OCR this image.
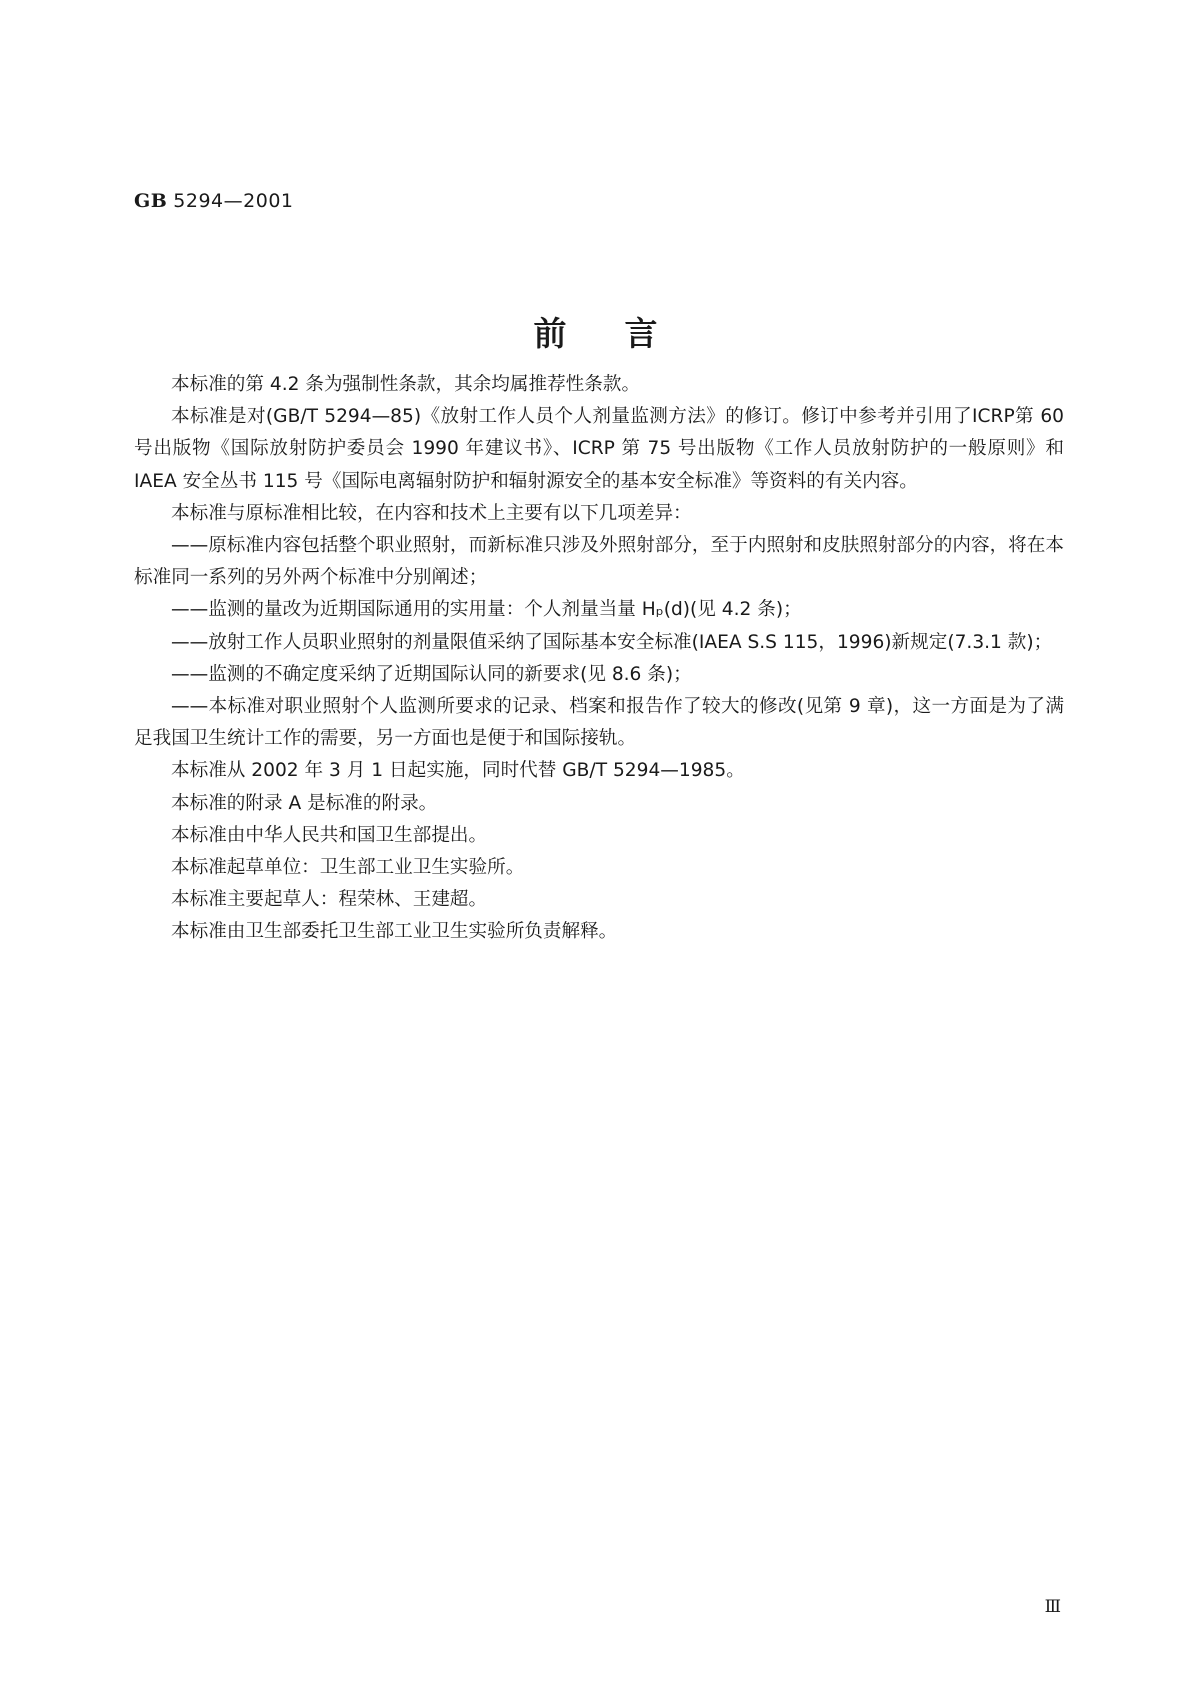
GB 5294—2001
前言

本标准的第 4.2 条为强制性条款，其余均属推荐性条款。

本标准是对(GB/T 5294—85)《放射工作人员个人剂量监测方法》的修订。修订中参考并引用了ICRP第 60 号出版物《国际放射防护委员会 1990 年建议书》、ICRP 第 75 号出版物《工作人员放射防护的一般原则》和 IAEA 安全丛书 115 号《国际电离辐射防护和辐射源安全的基本安全标准》等资料的有关内容。

本标准与原标准相比较，在内容和技术上主要有以下几项差异：

——原标准内容包括整个职业照射，而新标准只涉及外照射部分，至于内照射和皮肤照射部分的内容，将在本标准同一系列的另外两个标准中分别阐述；

——监测的量改为近期国际通用的实用量：个人剂量当量 Hₚ(d)(见 4.2 条)；

——放射工作人员职业照射的剂量限值采纳了国际基本安全标准(IAEA S.S 115，1996)新规定(7.3.1 款)；

——监测的不确定度采纳了近期国际认同的新要求(见 8.6 条)；

——本标准对职业照射个人监测所要求的记录、档案和报告作了较大的修改(见第 9 章)，这一方面是为了满足我国卫生统计工作的需要，另一方面也是便于和国际接轨。

本标准从 2002 年 3 月 1 日起实施，同时代替 GB/T 5294—1985。

本标准的附录 A 是标准的附录。

本标准由中华人民共和国卫生部提出。

本标准起草单位：卫生部工业卫生实验所。

本标准主要起草人：程荣林、王建超。

本标准由卫生部委托卫生部工业卫生实验所负责解释。

Ⅲ
